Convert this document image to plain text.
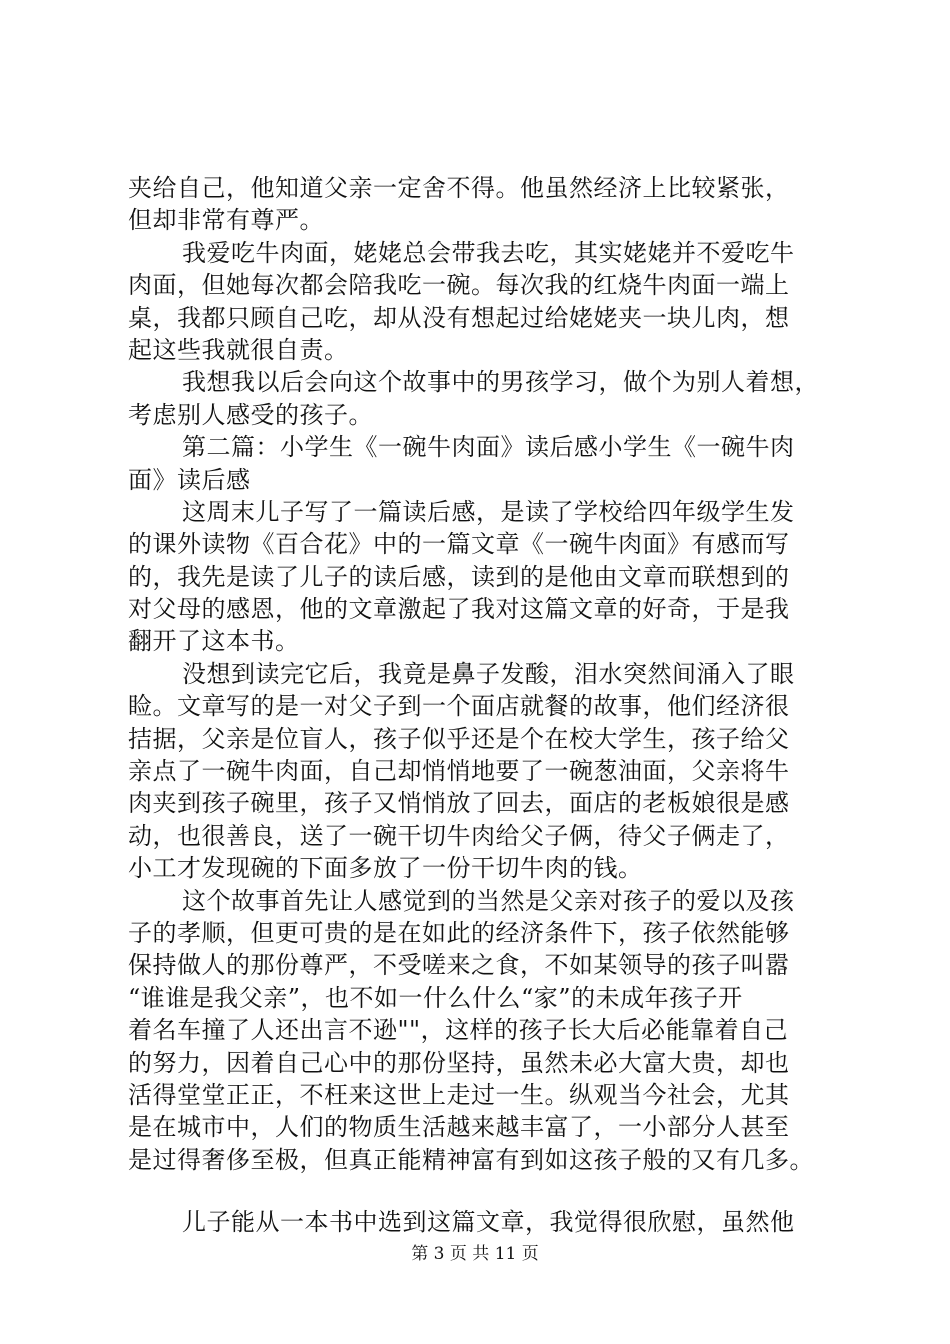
夹给自己，他知道父亲一定舍不得。他虽然经济上比较紧张，
但却非常有尊严。
我爱吃牛肉面，姥姥总会带我去吃，其实姥姥并不爱吃牛
肉面，但她每次都会陪我吃一碗。每次我的红烧牛肉面一端上
桌，我都只顾自己吃，却从没有想起过给姥姥夹一块儿肉，想
起这些我就很自责。
我想我以后会向这个故事中的男孩学习，做个为别人着想，
考虑别人感受的孩子。
第二篇：小学生《一碗牛肉面》读后感小学生《一碗牛肉
面》读后感
这周末儿子写了一篇读后感，是读了学校给四年级学生发
的课外读物《百合花》中的一篇文章《一碗牛肉面》有感而写
的，我先是读了儿子的读后感，读到的是他由文章而联想到的
对父母的感恩，他的文章激起了我对这篇文章的好奇，于是我
翻开了这本书。
没想到读完它后，我竟是鼻子发酸，泪水突然间涌入了眼
睑。文章写的是一对父子到一个面店就餐的故事，他们经济很
拮据，父亲是位盲人，孩子似乎还是个在校大学生，孩子给父
亲点了一碗牛肉面，自己却悄悄地要了一碗葱油面，父亲将牛
肉夹到孩子碗里，孩子又悄悄放了回去，面店的老板娘很是感
动，也很善良，送了一碗干切牛肉给父子俩，待父子俩走了，
小工才发现碗的下面多放了一份干切牛肉的钱。
这个故事首先让人感觉到的当然是父亲对孩子的爱以及孩
子的孝顺，但更可贵的是在如此的经济条件下，孩子依然能够
保持做人的那份尊严，不受嗟来之食，不如某领导的孩子叫嚣
“谁谁是我父亲”，也不如一什么什么“家”的未成年孩子开
着名车撞了人还出言不逊""，这样的孩子长大后必能靠着自己
的努力，因着自己心中的那份坚持，虽然未必大富大贵，却也
活得堂堂正正，不枉来这世上走过一生。纵观当今社会，尤其
是在城市中，人们的物质生活越来越丰富了，一小部分人甚至
是过得奢侈至极，但真正能精神富有到如这孩子般的又有几多。
儿子能从一本书中选到这篇文章，我觉得很欣慰，虽然他
第 3 页 共 11 页
